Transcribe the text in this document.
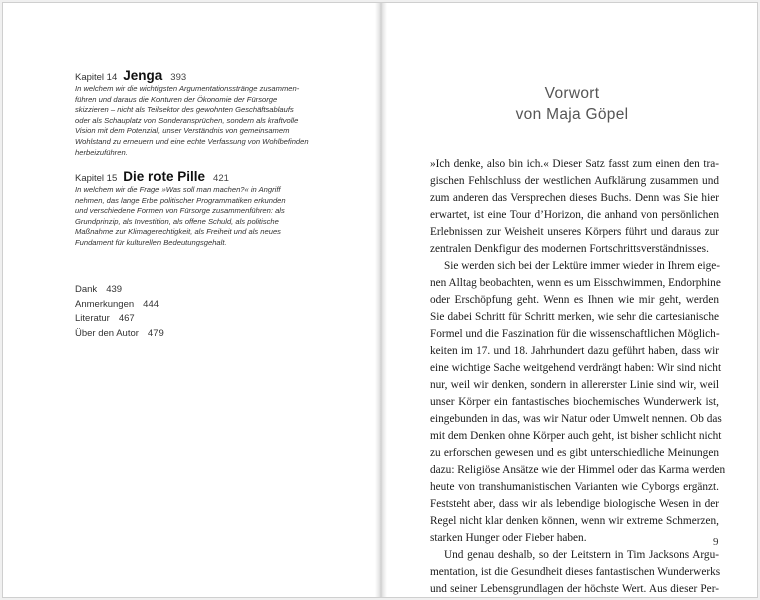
Kapitel 14 Jenga 393
In welchem wir die wichtigsten Argumentationsstränge zusammen-
führen und daraus die Konturen der Ökonomie der Fürsorge
skizzieren – nicht als Teilsektor des gewohnten Geschäftsablaufs
oder als Schauplatz von Sonderansprüchen, sondern als kraftvolle
Vision mit dem Potenzial, unser Verständnis von gemeinsamem
Wohlstand zu erneuern und eine echte Verfassung von Wohlbefinden
herbeizuführen.
Kapitel 15 Die rote Pille 421
In welchem wir die Frage »Was soll man machen?« in Angriff
nehmen, das lange Erbe politischer Programmatiken erkunden
und verschiedene Formen von Fürsorge zusammenführen: als
Grundprinzip, als Investition, als offene Schuld, als politische
Maßnahme zur Klimagerechtigkeit, als Freiheit und als neues
Fundament für kulturellen Bedeutungsgehalt.
Dank 439
Anmerkungen 444
Literatur 467
Über den Autor 479
Vorwort
von Maja Göpel

»Ich denke, also bin ich.« Dieser Satz fasst zum einen den tra-
gischen Fehlschluss der westlichen Aufklärung zusammen und
zum anderen das Versprechen dieses Buchs. Denn was Sie hier
erwartet, ist eine Tour d’Horizon, die anhand von persönlichen
Erlebnissen zur Weisheit unseres Körpers führt und daraus zur
zentralen Denkfigur des modernen Fortschrittsverständnisses.

Sie werden sich bei der Lektüre immer wieder in Ihrem eige-
nen Alltag beobachten, wenn es um Eisschwimmen, Endorphine
oder Erschöpfung geht. Wenn es Ihnen wie mir geht, werden
Sie dabei Schritt für Schritt merken, wie sehr die cartesianische
Formel und die Faszination für die wissenschaftlichen Möglich-
keiten im 17. und 18. Jahrhundert dazu geführt haben, dass wir
eine wichtige Sache weitgehend verdrängt haben: Wir sind nicht
nur, weil wir denken, sondern in allererster Linie sind wir, weil
unser Körper ein fantastisches biochemisches Wunderwerk ist,
eingebunden in das, was wir Natur oder Umwelt nennen. Ob das
mit dem Denken ohne Körper auch geht, ist bisher schlicht nicht
zu erforschen gewesen und es gibt unterschiedliche Meinungen
dazu: Religiöse Ansätze wie der Himmel oder das Karma werden
heute von transhumanistischen Varianten wie Cyborgs ergänzt.
Feststeht aber, dass wir als lebendige biologische Wesen in der
Regel nicht klar denken können, wenn wir extreme Schmerzen,
starken Hunger oder Fieber haben.

Und genau deshalb, so der Leitstern in Tim Jacksons Argu-
mentation, ist die Gesundheit dieses fantastischen Wunderwerks
und seiner Lebensgrundlagen der höchste Wert. Aus dieser Per-

9
